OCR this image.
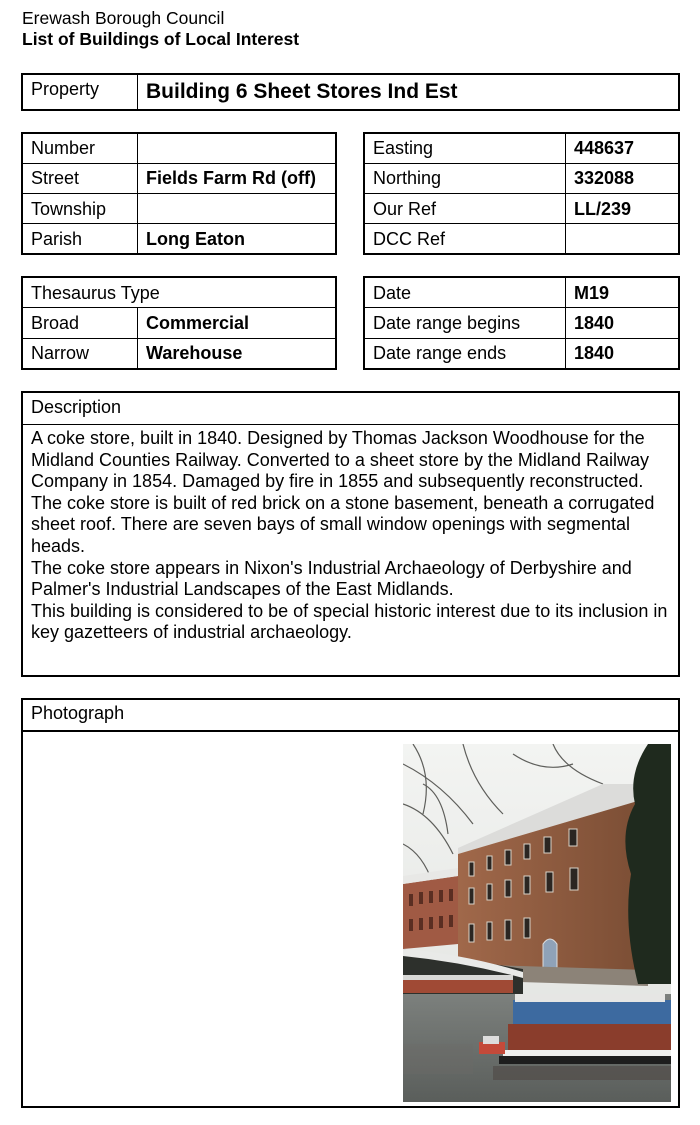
Erewash Borough Council
List of Buildings of Local Interest
Property	Building 6 Sheet Stores Ind Est
Number	
Street	Fields Farm Rd (off)
Township	
Parish	Long Eaton
Easting	448637
Northing	332088
Our Ref	LL/239
DCC Ref	
Thesaurus Type	
Broad	Commercial
Narrow	Warehouse
Date	M19
Date range begins	1840
Date range ends	1840
Description

A coke store, built in 1840. Designed by Thomas Jackson Woodhouse for the Midland Counties Railway. Converted to a sheet store by the Midland Railway Company in 1854. Damaged by fire in 1855 and subsequently reconstructed.

The coke store is built of red brick on a stone basement, beneath a corrugated sheet roof. There are seven bays of small window openings with segmental heads.

The coke store appears in Nixon's Industrial Archaeology of Derbyshire and Palmer's Industrial Landscapes of the East Midlands.

This building is considered to be of special historic interest due to its inclusion in key gazetteers of industrial archaeology.

Photograph
